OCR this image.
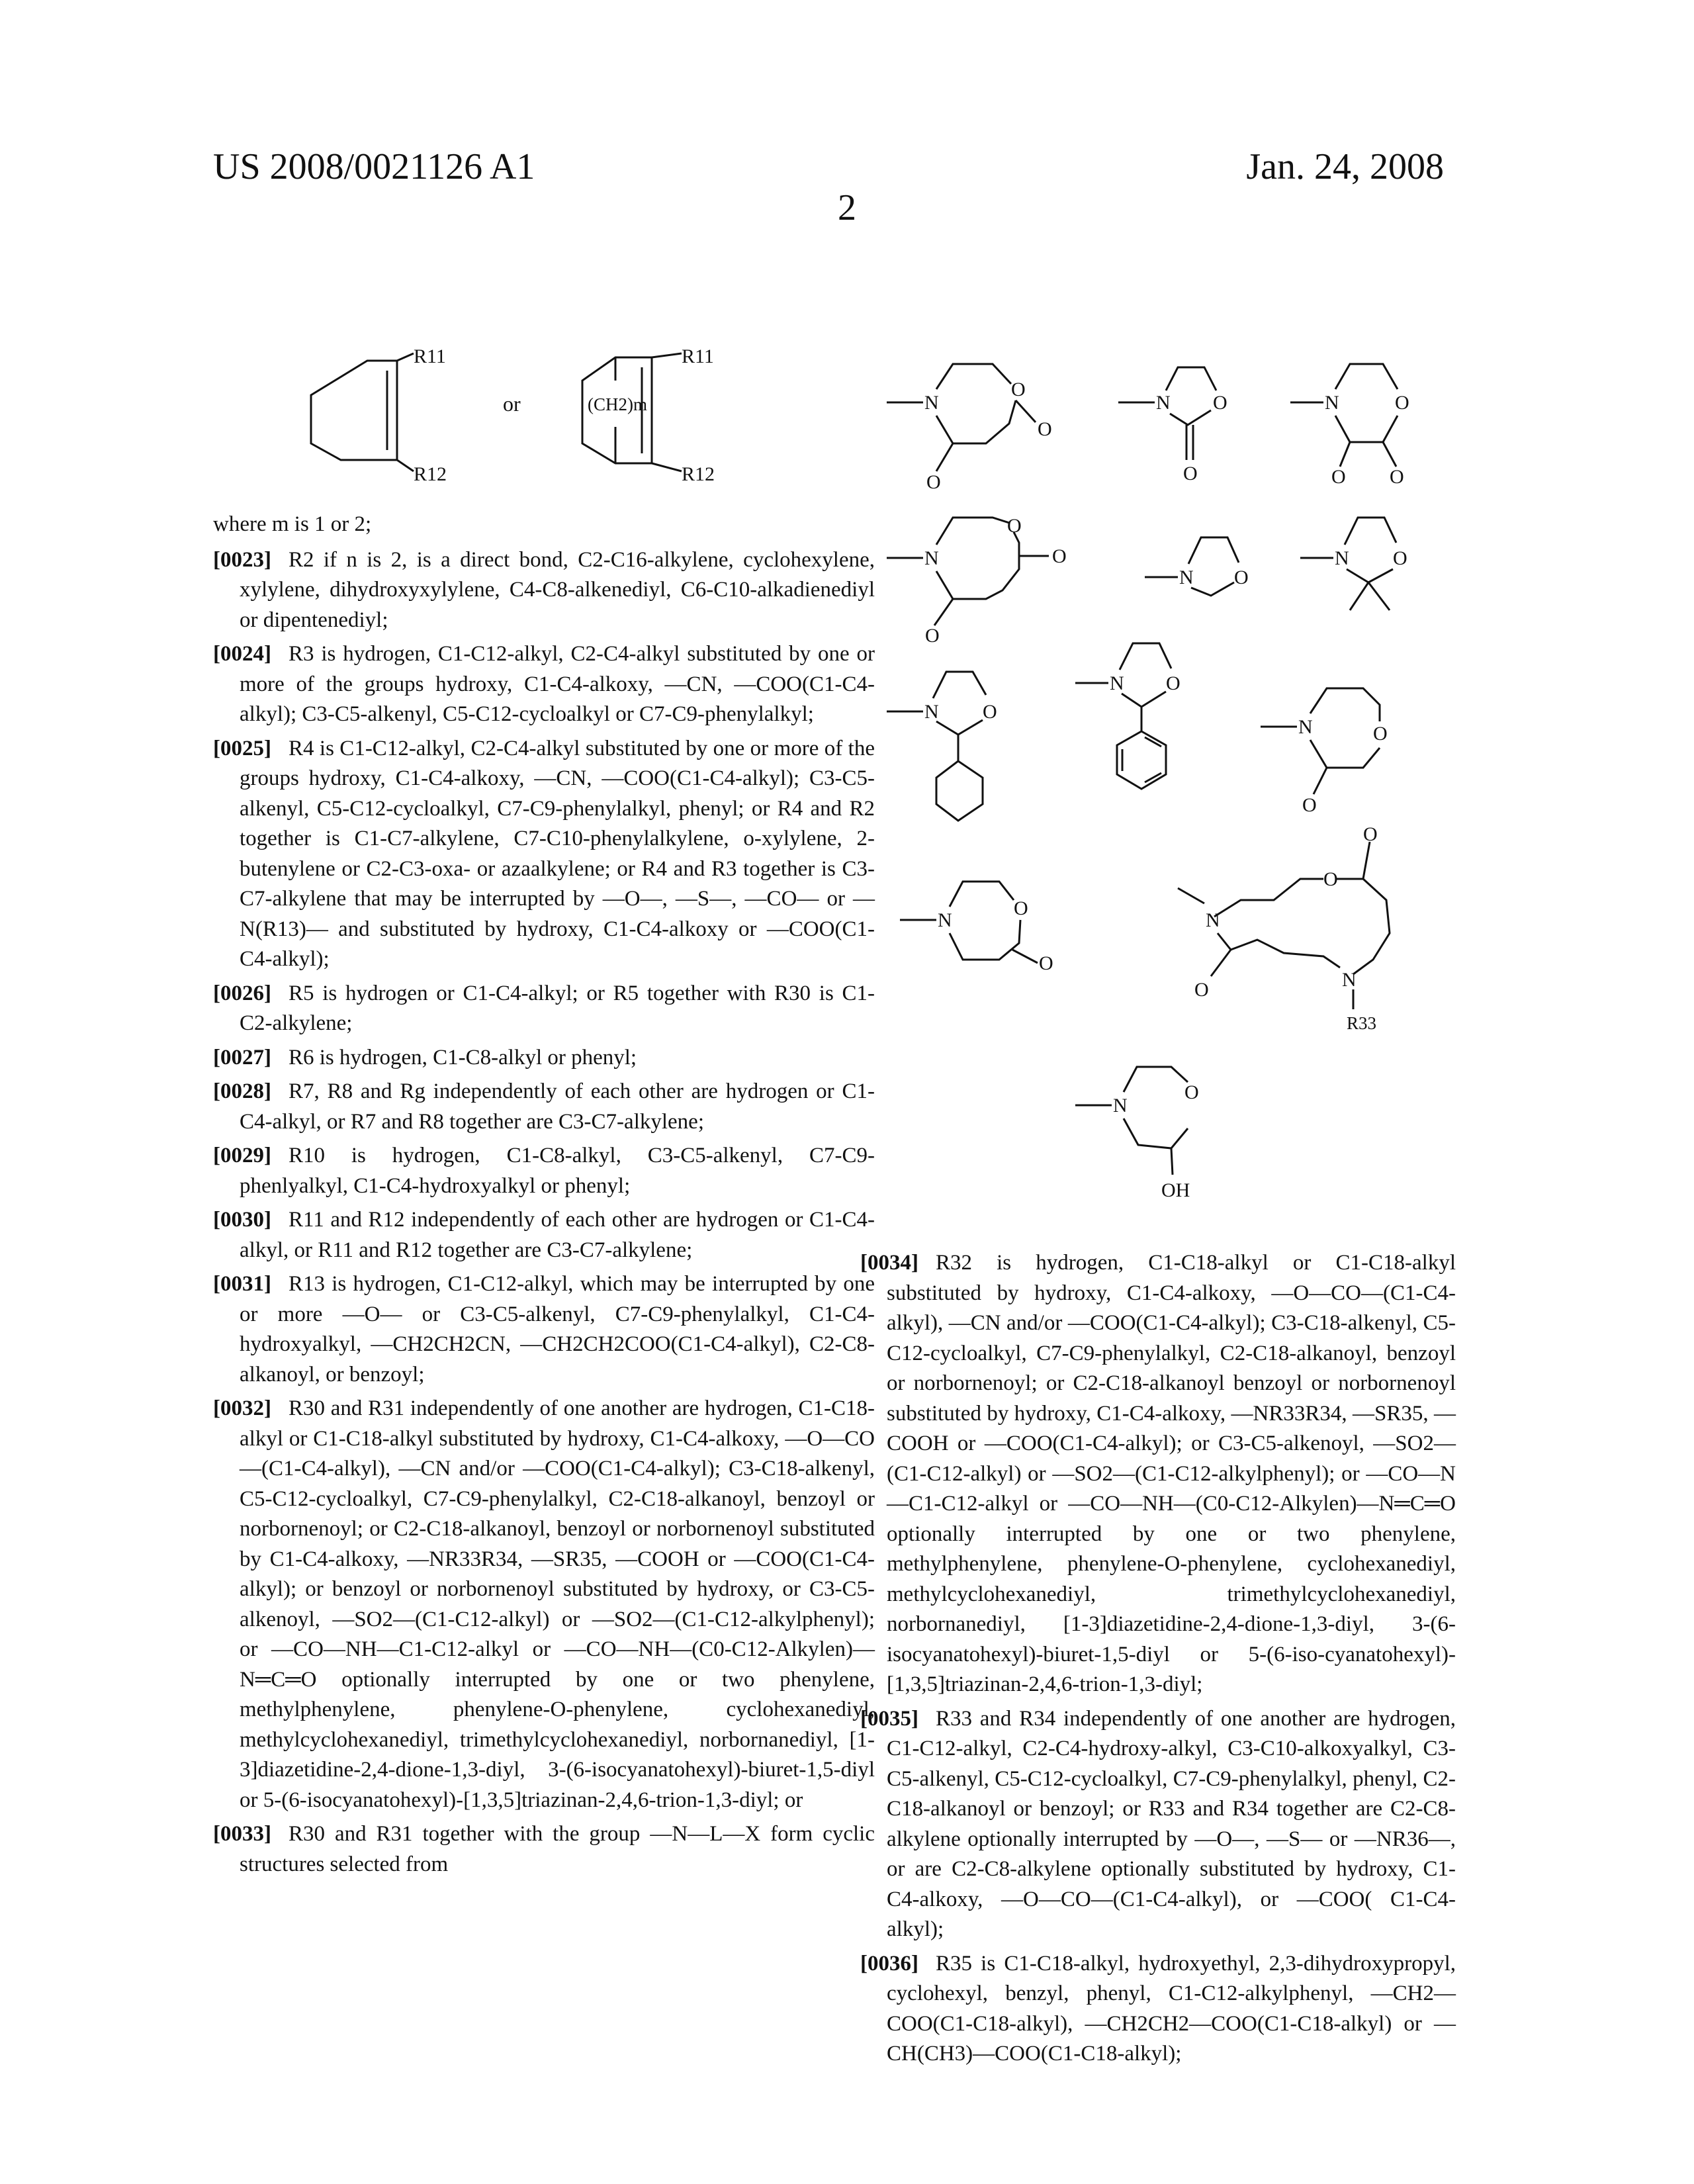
US 2008/0021126 A1	Jan. 24, 2008
2
R11
R12
or	(CH2)m
R11
R12

where m is 1 or 2;

[0023] R2 if n is 2, is a direct bond, C2-C16-alkylene, cyclohexylene, xylylene, dihydroxyxylylene, C4-C8-alkenediyl, C6-C10-alkadienediyl or dipentenediyl;

[0024] R3 is hydrogen, C1-C12-alkyl, C2-C4-alkyl substituted by one or more of the groups hydroxy, C1-C4-alkoxy, —CN, —COO(C1-C4-alkyl); C3-C5-alkenyl, C5-C12-cycloalkyl or C7-C9-phenylalkyl;

[0025] R4 is C1-C12-alkyl, C2-C4-alkyl substituted by one or more of the groups hydroxy, C1-C4-alkoxy, —CN, —COO(C1-C4-alkyl); C3-C5-alkenyl, C5-C12-cycloalkyl, C7-C9-phenylalkyl, phenyl; or R4 and R2 together is C1-C7-alkylene, C7-C10-phenylalkylene, o-xylylene, 2-butenylene or C2-C3-oxa- or azaalkylene; or R4 and R3 together is C3-C7-alkylene that may be interrupted by —O—, —S—, —CO— or —N(R13)— and substituted by hydroxy, C1-C4-alkoxy or —COO(C1-C4-alkyl);

[0026] R5 is hydrogen or C1-C4-alkyl; or R5 together with R30 is C1-C2-alkylene;

[0027] R6 is hydrogen, C1-C8-alkyl or phenyl;

[0028] R7, R8 and Rg independently of each other are hydrogen or C1-C4-alkyl, or R7 and R8 together are C3-C7-alkylene;

[0029] R10 is hydrogen, C1-C8-alkyl, C3-C5-alkenyl, C7-C9-phenlyalkyl, C1-C4-hydroxyalkyl or phenyl;

[0030] R11 and R12 independently of each other are hydrogen or C1-C4-alkyl, or R11 and R12 together are C3-C7-alkylene;

[0031] R13 is hydrogen, C1-C12-alkyl, which may be interrupted by one or more —O— or C3-C5-alkenyl, C7-C9-phenylalkyl, C1-C4-hydroxyalkyl, —CH2CH2CN, —CH2CH2COO(C1-C4-alkyl), C2-C8-alkanoyl, or benzoyl;

[0032] R30 and R31 independently of one another are hydrogen, C1-C18-alkyl or C1-C18-alkyl substituted by hydroxy, C1-C4-alkoxy, —O—CO—(C1-C4-alkyl), —CN and/or —COO(C1-C4-alkyl); C3-C18-alkenyl, C5-C12-cycloalkyl, C7-C9-phenylalkyl, C2-C18-alkanoyl, benzoyl or norbornenoyl; or C2-C18-alkanoyl, benzoyl or norbornenoyl substituted by C1-C4-alkoxy, —NR33R34, —SR35, —COOH or —COO(C1-C4-alkyl); or benzoyl or norbornenoyl substituted by hydroxy, or C3-C5-alkenoyl, —SO2—(C1-C12-alkyl) or —SO2—(C1-C12-alkylphenyl); or —CO—NH—C1-C12-alkyl or —CO—NH—(C0-C12-Alkylen)—N═C═O optionally interrupted by one or two phenylene, methylphenylene, phenylene-O-phenylene, cyclohexanediyl, methylcyclohexanediyl, trimethylcyclohexanediyl, norbornanediyl, [1-3]diazetidine-2,4-dione-1,3-diyl, 3-(6-isocyanatohexyl)-biuret-1,5-diyl or 5-(6-isocyanatohexyl)-[1,3,5]triazinan-2,4,6-trion-1,3-diyl; or

[0033] R30 and R31 together with the group —N—L—X form cyclic structures selected from

N
O
O
O
N O
O
N	O
O O
N
O
O
O
N O
N O
N O
N O
N	O
O
N
O
O
N
O
O
O	N
R33
N
O
OH

[0034] R32 is hydrogen, C1-C18-alkyl or C1-C18-alkyl substituted by hydroxy, C1-C4-alkoxy, —O—CO—(C1-C4-alkyl), —CN and/or —COO(C1-C4-alkyl); C3-C18-alkenyl, C5-C12-cycloalkyl, C7-C9-phenylalkyl, C2-C18-alkanoyl, benzoyl or norbornenoyl; or C2-C18-alkanoyl benzoyl or norbornenoyl substituted by hydroxy, C1-C4-alkoxy, —NR33R34, —SR35, —COOH or —COO(C1-C4-alkyl); or C3-C5-alkenoyl, —SO2—(C1-C12-alkyl) or —SO2—(C1-C12-alkylphenyl); or —CO—N—C1-C12-alkyl or —CO—NH—(C0-C12-Alkylen)—N═C═O optionally interrupted by one or two phenylene, methylphenylene, phenylene-O-phenylene, cyclohexanediyl, methylcyclohexanediyl, trimethylcyclohexanediyl, norbornanediyl, [1-3]diazetidine-2,4-dione-1,3-diyl, 3-(6-isocyanatohexyl)-biuret-1,5-diyl or 5-(6-iso-cyanatohexyl)-[1,3,5]triazinan-2,4,6-trion-1,3-diyl;

[0035] R33 and R34 independently of one another are hydrogen, C1-C12-alkyl, C2-C4-hydroxy-alkyl, C3-C10-alkoxyalkyl, C3-C5-alkenyl, C5-C12-cycloalkyl, C7-C9-phenylalkyl, phenyl, C2-C18-alkanoyl or benzoyl; or R33 and R34 together are C2-C8-alkylene optionally interrupted by —O—, —S— or —NR36—, or are C2-C8-alkylene optionally substituted by hydroxy, C1-C4-alkoxy, —O—CO—(C1-C4-alkyl), or —COO( C1-C4-alkyl);

[0036] R35 is C1-C18-alkyl, hydroxyethyl, 2,3-dihydroxypropyl, cyclohexyl, benzyl, phenyl, C1-C12-alkylphenyl, —CH2—COO(C1-C18-alkyl), —CH2CH2—COO(C1-C18-alkyl) or —CH(CH3)—COO(C1-C18-alkyl);
